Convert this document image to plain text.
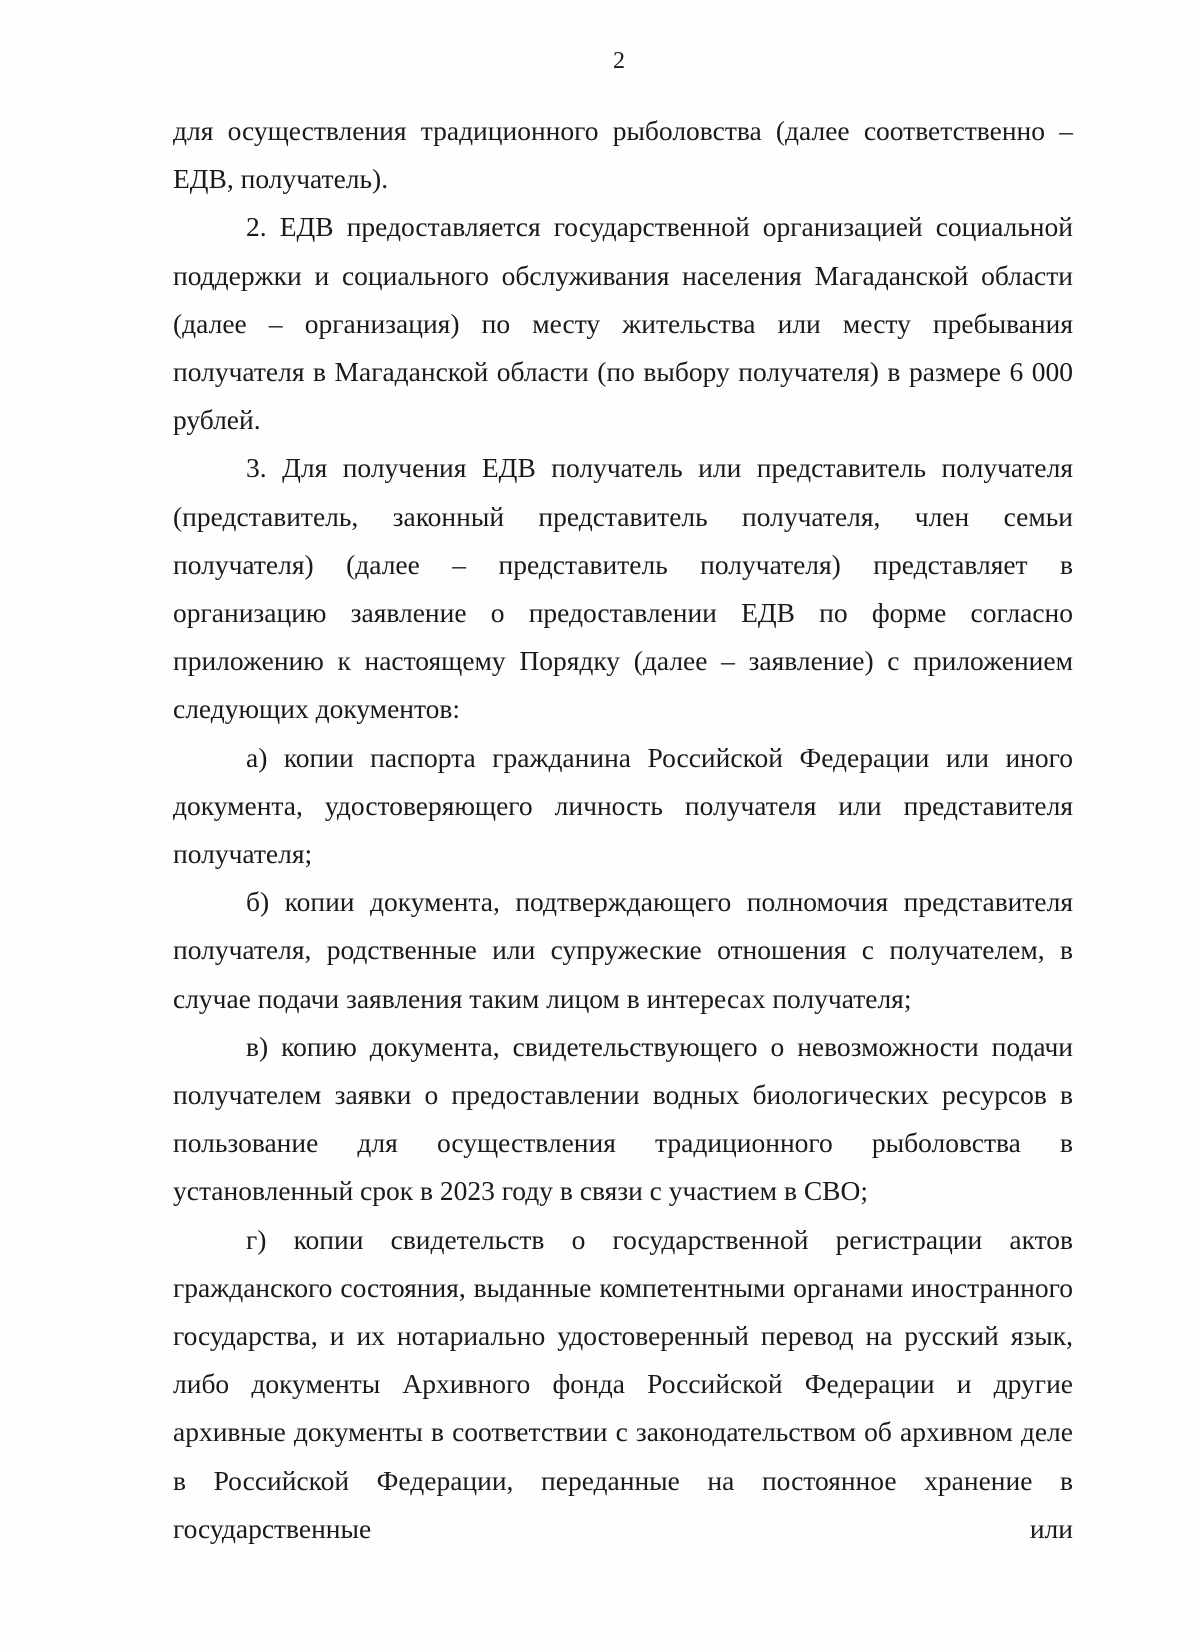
2

для осуществления традиционного рыболовства (далее соответственно – ЕДВ, получатель).

2. ЕДВ предоставляется государственной организацией социальной поддержки и социального обслуживания населения Магаданской области (далее – организация) по месту жительства или месту пребывания получателя в Магаданской области (по выбору получателя) в размере 6 000 рублей.

3. Для получения ЕДВ получатель или представитель получателя (представитель, законный представитель получателя, член семьи получателя) (далее – представитель получателя) представляет в организацию заявление о предоставлении ЕДВ по форме согласно приложению к настоящему Порядку (далее – заявление) с приложением следующих документов:

а) копии паспорта гражданина Российской Федерации или иного документа, удостоверяющего личность получателя или представителя получателя;

б) копии документа, подтверждающего полномочия представителя получателя, родственные или супружеские отношения с получателем, в случае подачи заявления таким лицом в интересах получателя;

в) копию документа, свидетельствующего о невозможности подачи получателем заявки о предоставлении водных биологических ресурсов в пользование для осуществления традиционного рыболовства в установленный срок в 2023 году в связи с участием в СВО;

г) копии свидетельств о государственной регистрации актов гражданского состояния, выданные компетентными органами иностранного государства, и их нотариально удостоверенный перевод на русский язык, либо документы Архивного фонда Российской Федерации и другие архивные документы в соответствии с законодательством об архивном деле в Российской Федерации, переданные на постоянное хранение в государственные или
